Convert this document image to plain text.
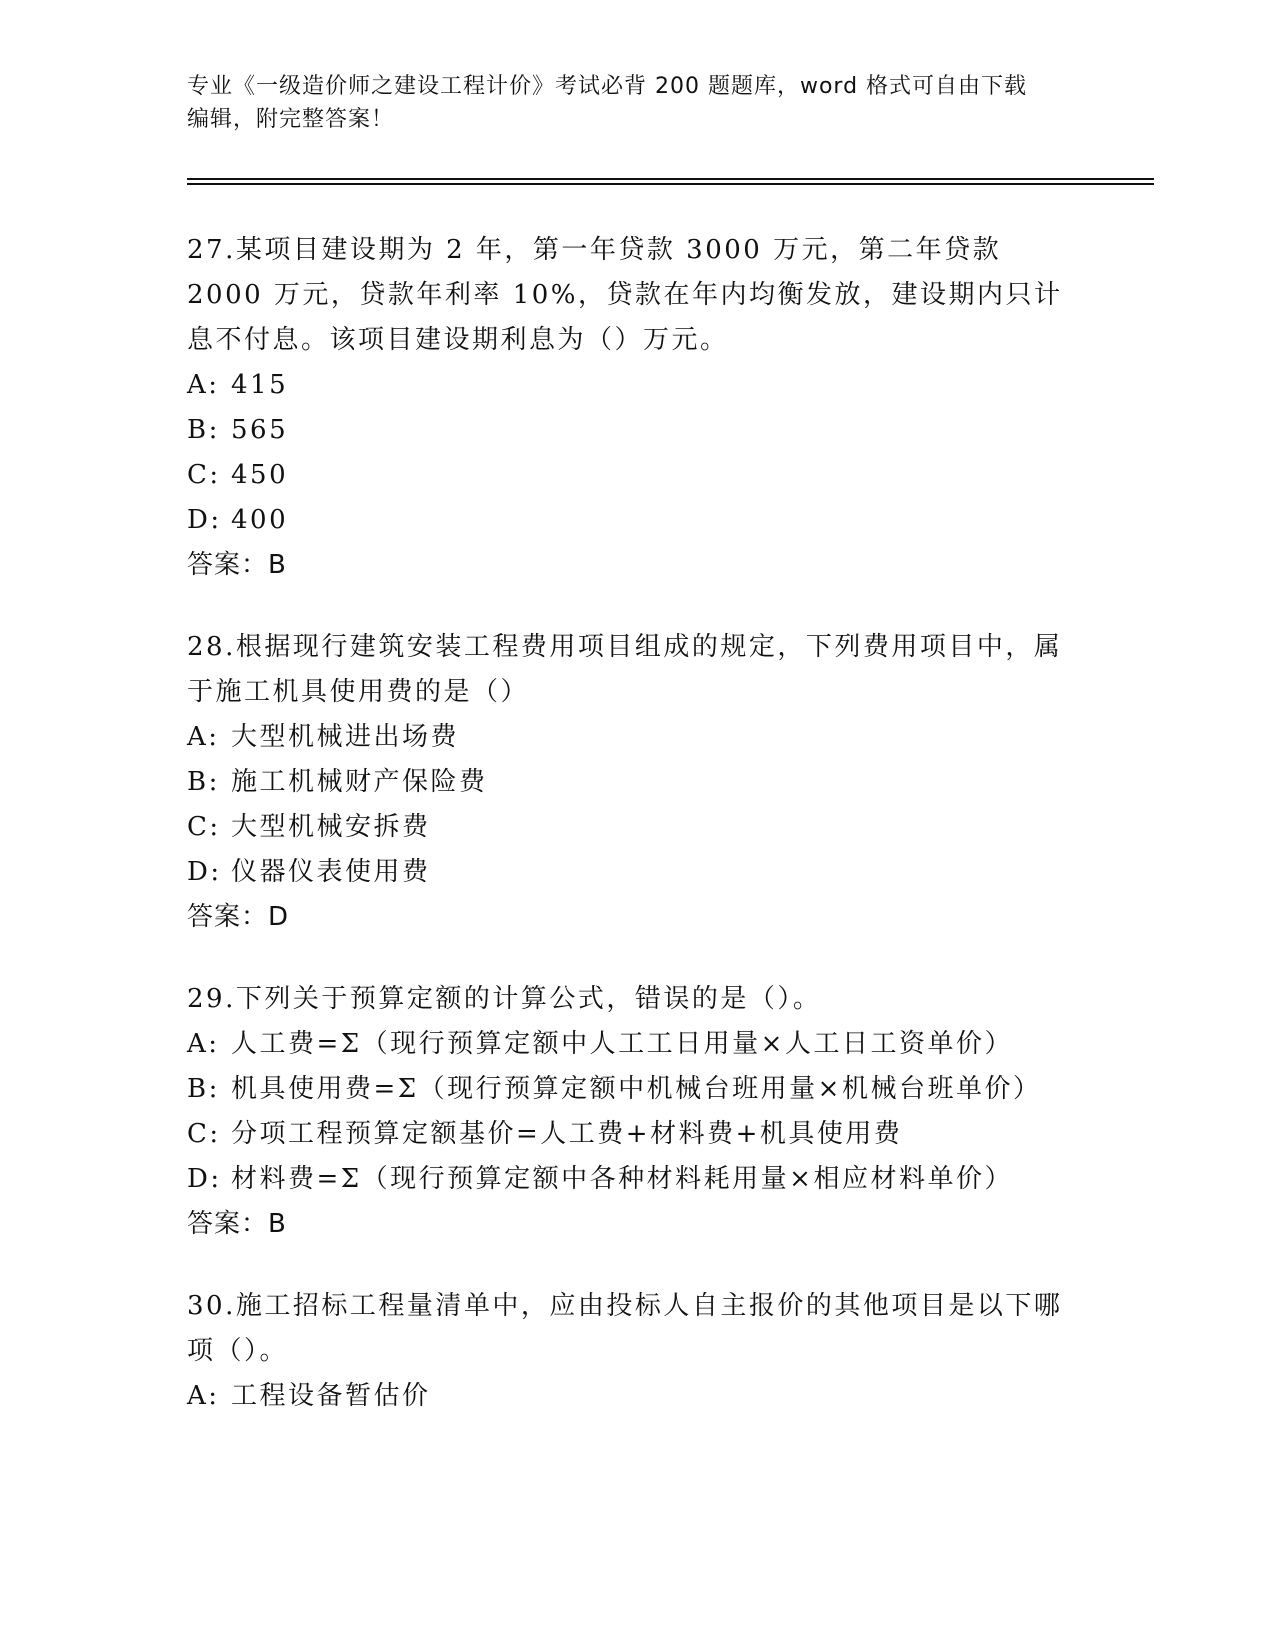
专业《一级造价师之建设工程计价》考试必背 200 题题库，word 格式可自由下载
编辑，附完整答案！

27.某项目建设期为 2 年，第一年贷款 3000 万元，第二年贷款 2000 万元，贷款年利率 10%，贷款在年内均衡发放，建设期内只计息不付息。该项目建设期利息为（）万元。

A: 415
B: 565
C: 450
D: 400

答案：B

28.根据现行建筑安装工程费用项目组成的规定，下列费用项目中，属于施工机具使用费的是（）

A: 大型机械进出场费
B: 施工机械财产保险费
C: 大型机械安拆费
D: 仪器仪表使用费

答案：D

29.下列关于预算定额的计算公式，错误的是（）。

A: 人工费=Σ（现行预算定额中人工工日用量×人工日工资单价）
B: 机具使用费=Σ（现行预算定额中机械台班用量×机械台班单价）
C: 分项工程预算定额基价=人工费+材料费+机具使用费
D: 材料费=Σ（现行预算定额中各种材料耗用量×相应材料单价）

答案：B

30.施工招标工程量清单中，应由投标人自主报价的其他项目是以下哪项（）。

A: 工程设备暂估价
